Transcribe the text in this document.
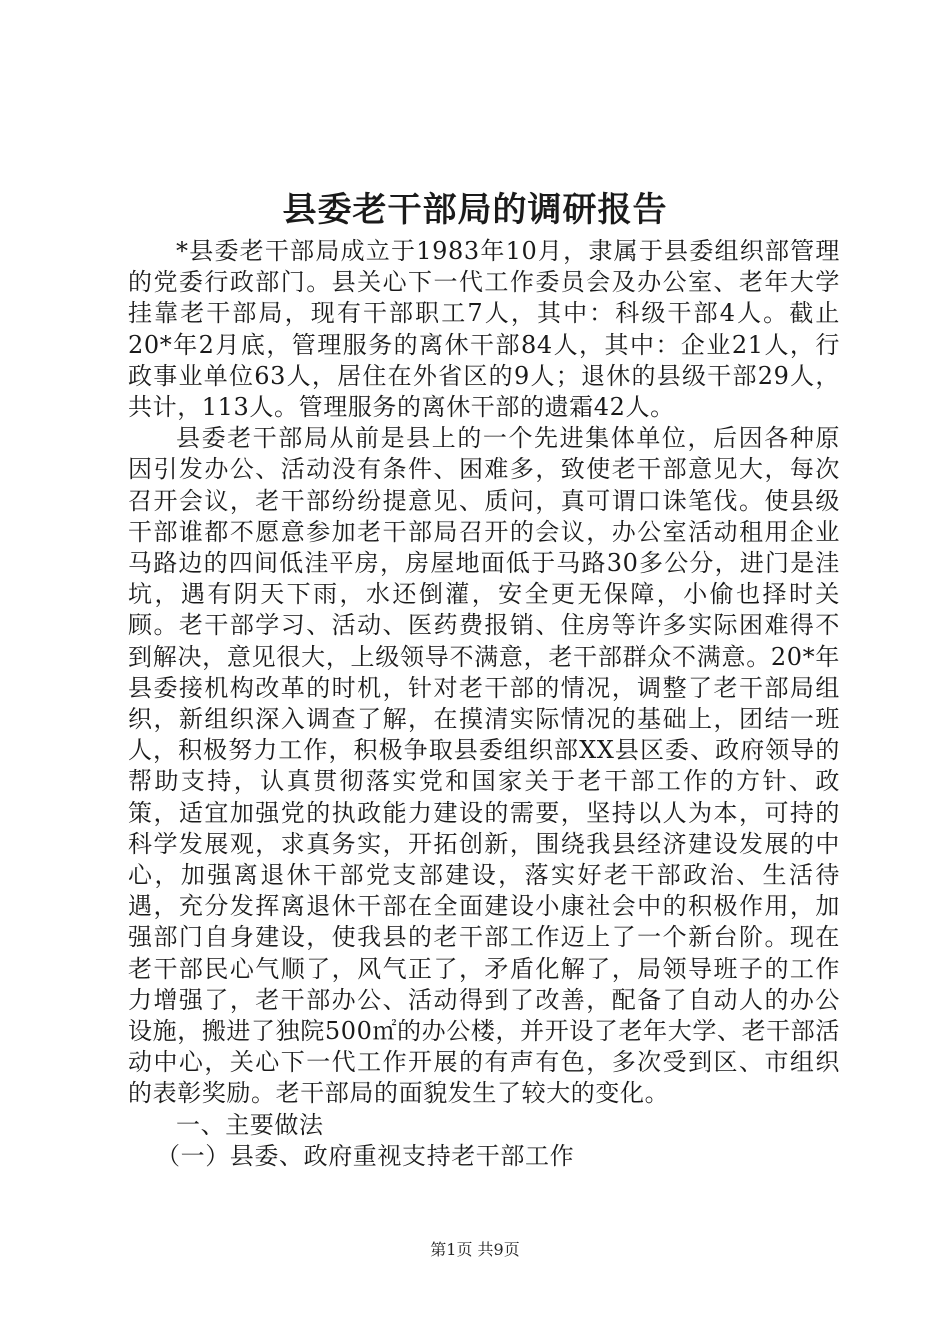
县委老干部局的调研报告

*县委老干部局成立于1983年10月，隶属于县委组织部管理的党委行政部门。县关心下一代工作委员会及办公室、老年大学挂靠老干部局，现有干部职工7人，其中：科级干部4人。截止20*年2月底，管理服务的离休干部84人，其中：企业21人，行政事业单位63人，居住在外省区的9人；退休的县级干部29人，共计，113人。管理服务的离休干部的遗霜42人。

县委老干部局从前是县上的一个先进集体单位，后因各种原因引发办公、活动没有条件、困难多，致使老干部意见大，每次召开会议，老干部纷纷提意见、质问，真可谓口诛笔伐。使县级干部谁都不愿意参加老干部局召开的会议，办公室活动租用企业马路边的四间低洼平房，房屋地面低于马路30多公分，进门是洼坑，遇有阴天下雨，水还倒灌，安全更无保障，小偷也择时关顾。老干部学习、活动、医药费报销、住房等许多实际困难得不到解决，意见很大，上级领导不满意，老干部群众不满意。20*年县委接机构改革的时机，针对老干部的情况，调整了老干部局组织，新组织深入调查了解，在摸清实际情况的基础上，团结一班人，积极努力工作，积极争取县委组织部XX县区委、政府领导的帮助支持，认真贯彻落实党和国家关于老干部工作的方针、政策，适宜加强党的执政能力建设的需要，坚持以人为本，可持的科学发展观，求真务实，开拓创新，围绕我县经济建设发展的中心，加强离退休干部党支部建设，落实好老干部政治、生活待遇，充分发挥离退休干部在全面建设小康社会中的积极作用，加强部门自身建设，使我县的老干部工作迈上了一个新台阶。现在老干部民心气顺了，风气正了，矛盾化解了，局领导班子的工作力增强了，老干部办公、活动得到了改善，配备了自动人的办公设施，搬进了独院500㎡的办公楼，并开设了老年大学、老干部活动中心，关心下一代工作开展的有声有色，多次受到区、市组织的表彰奖励。老干部局的面貌发生了较大的变化。

一、主要做法

（一）县委、政府重视支持老干部工作

第1页 共9页
